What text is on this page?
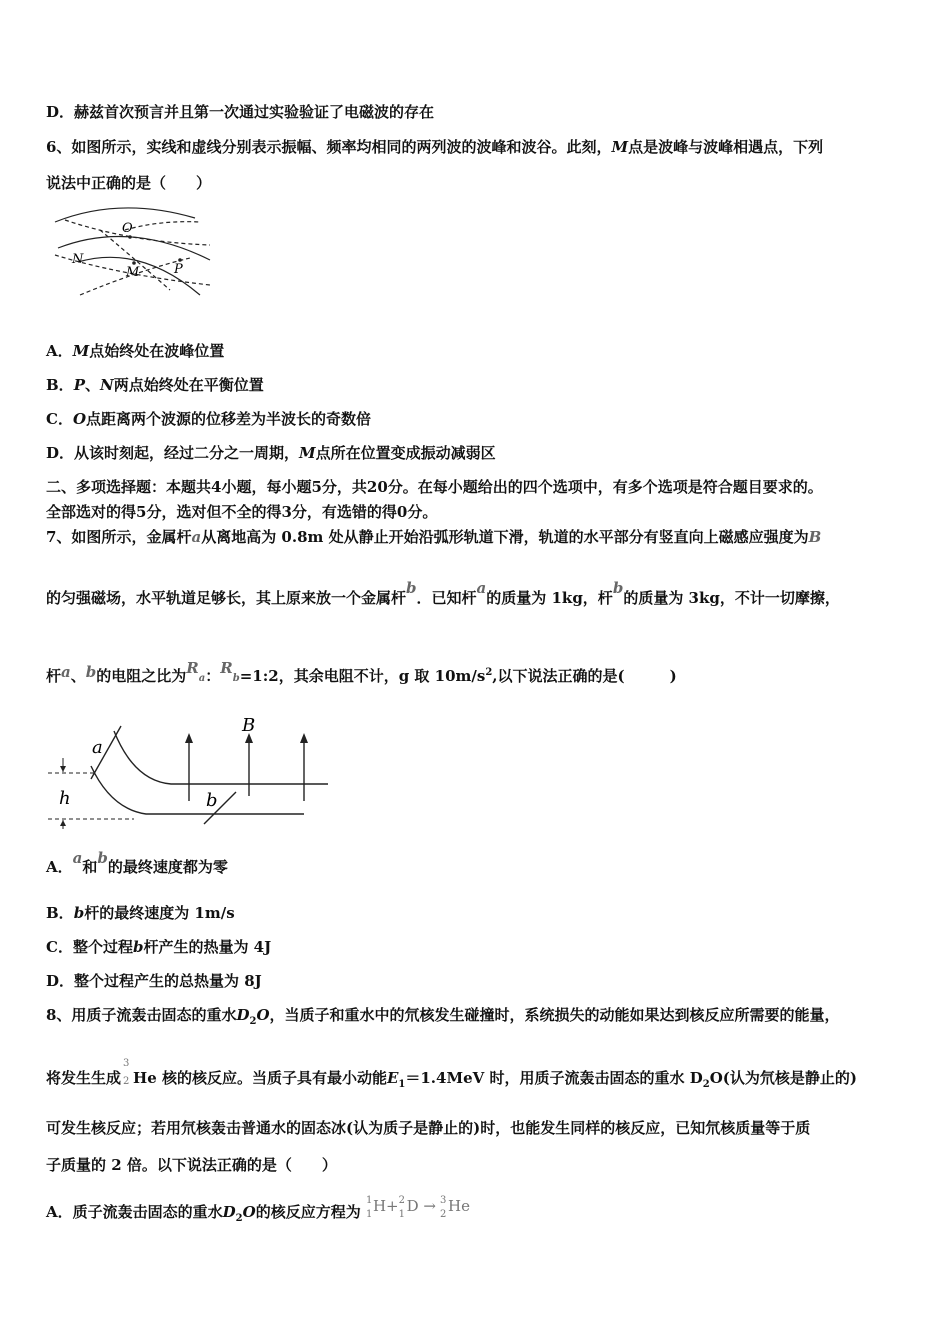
D．赫兹首次预言并且第一次通过实验验证了电磁波的存在
6、如图所示，实线和虚线分别表示振幅、频率均相同的两列波的波峰和波谷。此刻，M点是波峰与波峰相遇点，下列
说法中正确的是（　　）
O
N
M	P
A．M点始终处在波峰位置
B．P、N两点始终处在平衡位置
C．O点距离两个波源的位移差为半波长的奇数倍
D．从该时刻起，经过二分之一周期，M点所在位置变成振动减弱区
二、多项选择题：本题共4小题，每小题5分，共20分。在每小题给出的四个选项中，有多个选项是符合题目要求的。
全部选对的得5分，选对但不全的得3分，有选错的得0分。
7、如图所示，金属杆a从离地高为 0.8m 处从静止开始沿弧形轨道下滑，轨道的水平部分有竖直向上磁感应强度为B
的匀强磁场，水平轨道足够长，其上原来放一个金属杆b．已知杆a的质量为 1kg，杆b的质量为 3kg，不计一切摩擦，
杆a、b的电阻之比为Ra：Rb=1:2，其余电阻不计，g 取 $10m/s^2$,以下说法正确的是(　　　)
a
B
h	b
A．a和b的最终速度都为零
B．b杆的最终速度为 1m/s
C．整个过程b杆产生的热量为 4J
D．整个过程产生的总热量为 8J
8、用质子流轰击固态的重水$D_2O$，当质子和重水中的氘核发生碰撞时，系统损失的动能如果达到核反应所需要的能量，
将发生生成
3
2 He 核的核反应。当质子具有最小动能$E_1=1.4MeV$ 时，用质子流轰击固态的重水 $D_2O$(认为氘核是静止的)
可发生核反应；若用氘核轰击普通水的固态冰(认为质子是静止的)时，也能发生同样的核反应，已知氘核质量等于质
子质量的 2 倍。以下说法正确的是（　　）
A．质子流轰击固态的重水$D_2O$的核反应方程为
1
1 H+ 2
1 D → 3
2 He
